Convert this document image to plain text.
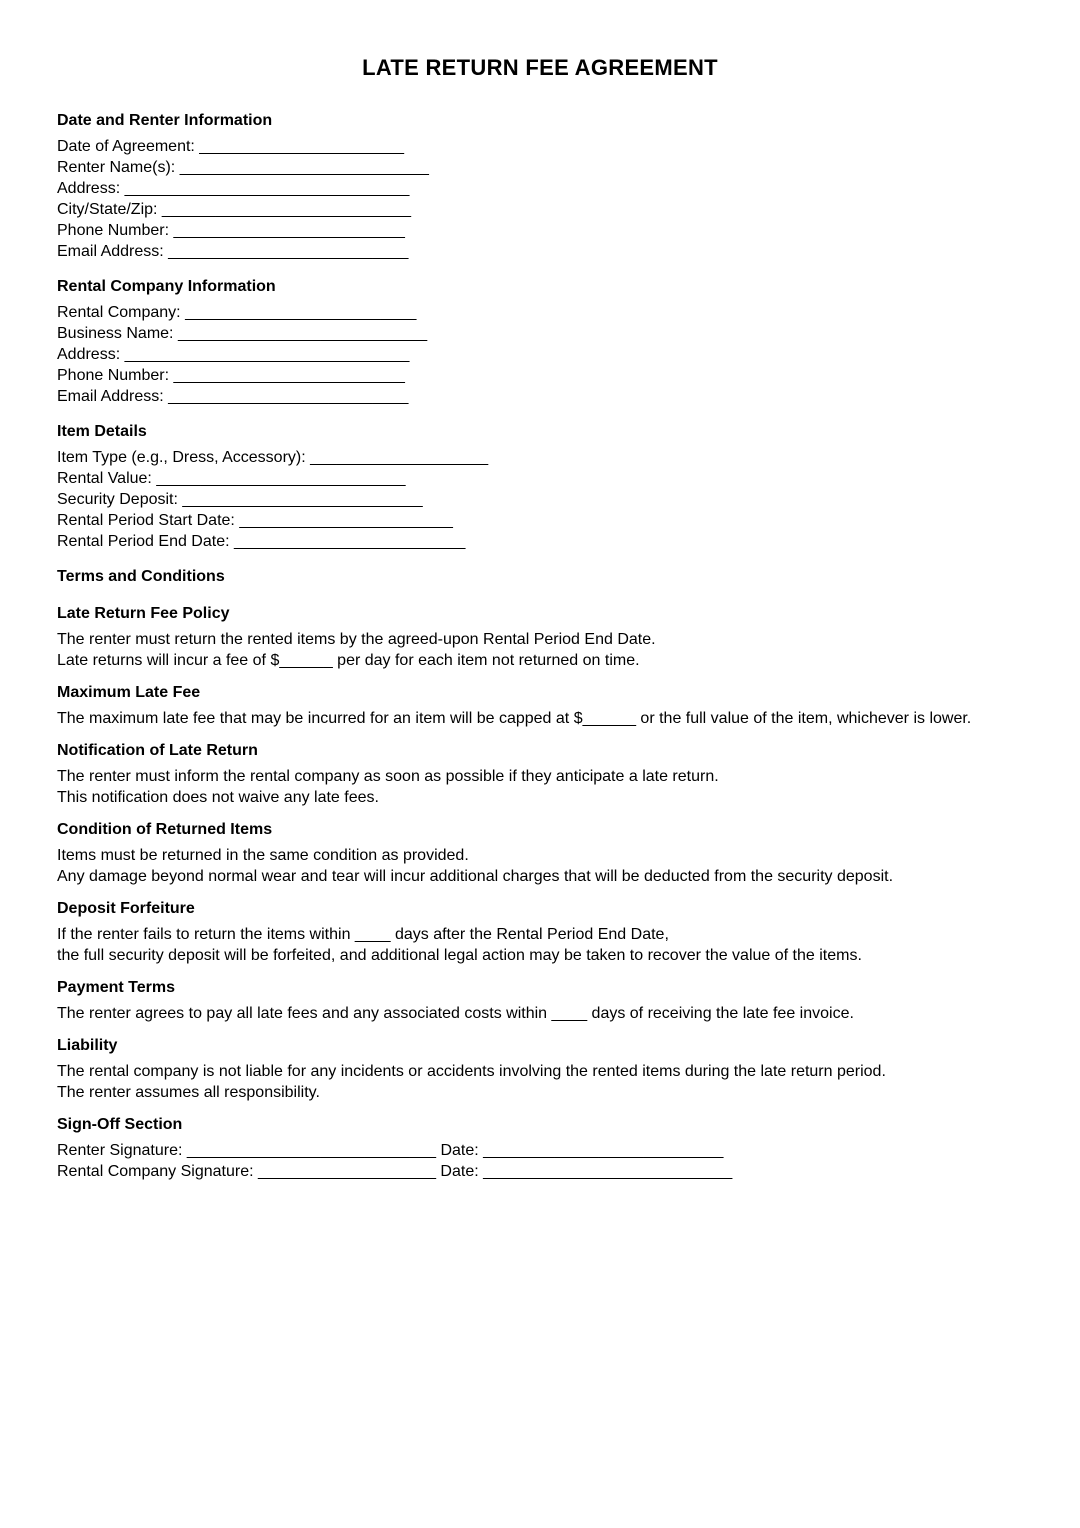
LATE RETURN FEE AGREEMENT
Date and Renter Information

Date of Agreement: _______________________

Renter Name(s): ____________________________

Address: ________________________________

City/State/Zip: ____________________________

Phone Number: __________________________

Email Address: ___________________________

Rental Company Information

Rental Company: __________________________

Business Name: ____________________________

Address: ________________________________

Phone Number: __________________________

Email Address: ___________________________

Item Details

Item Type (e.g., Dress, Accessory): ____________________

Rental Value: ____________________________

Security Deposit: ___________________________

Rental Period Start Date: ________________________

Rental Period End Date: __________________________

Terms and Conditions
Late Return Fee Policy

The renter must return the rented items by the agreed-upon Rental Period End Date.

Late returns will incur a fee of $______ per day for each item not returned on time.

Maximum Late Fee

The maximum late fee that may be incurred for an item will be capped at $______ or the full value of the item, whichever is lower.

Notification of Late Return

The renter must inform the rental company as soon as possible if they anticipate a late return.

This notification does not waive any late fees.

Condition of Returned Items

Items must be returned in the same condition as provided.

Any damage beyond normal wear and tear will incur additional charges that will be deducted from the security deposit.

Deposit Forfeiture

If the renter fails to return the items within ____ days after the Rental Period End Date,

the full security deposit will be forfeited, and additional legal action may be taken to recover the value of the items.

Payment Terms

The renter agrees to pay all late fees and any associated costs within ____ days of receiving the late fee invoice.

Liability

The rental company is not liable for any incidents or accidents involving the rented items during the late return period.

The renter assumes all responsibility.

Sign-Off Section

Renter Signature: ____________________________ Date: ___________________________

Rental Company Signature: ____________________ Date: ____________________________
